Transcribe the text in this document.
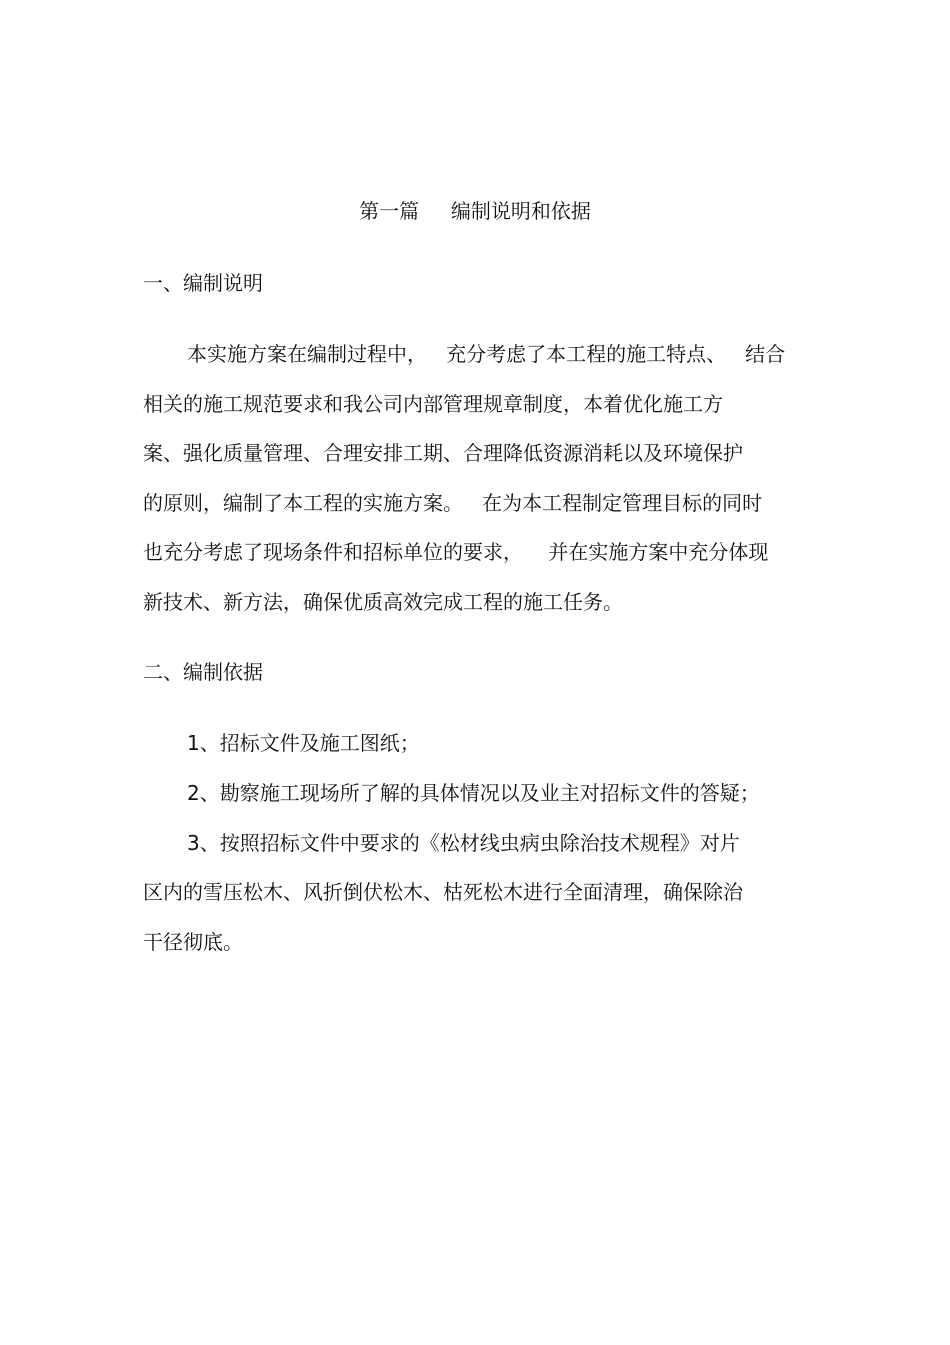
第一篇     编制说明和依据
一、编制说明
本实施方案在编制过程中，   充分考虑了本工程的施工特点、   结合
相关的施工规范要求和我公司内部管理规章制度，本着优化施工方
案、强化质量管理、合理安排工期、合理降低资源消耗以及环境保护
的原则，编制了本工程的实施方案。   在为本工程制定管理目标的同时
也充分考虑了现场条件和招标单位的要求，    并在实施方案中充分体现
新技术、新方法，确保优质高效完成工程的施工任务。
二、编制依据
1、招标文件及施工图纸；
2、勘察施工现场所了解的具体情况以及业主对招标文件的答疑；
3、按照招标文件中要求的《松材线虫病虫除治技术规程》对片
区内的雪压松木、风折倒伏松木、枯死松木进行全面清理，确保除治
干径彻底。
